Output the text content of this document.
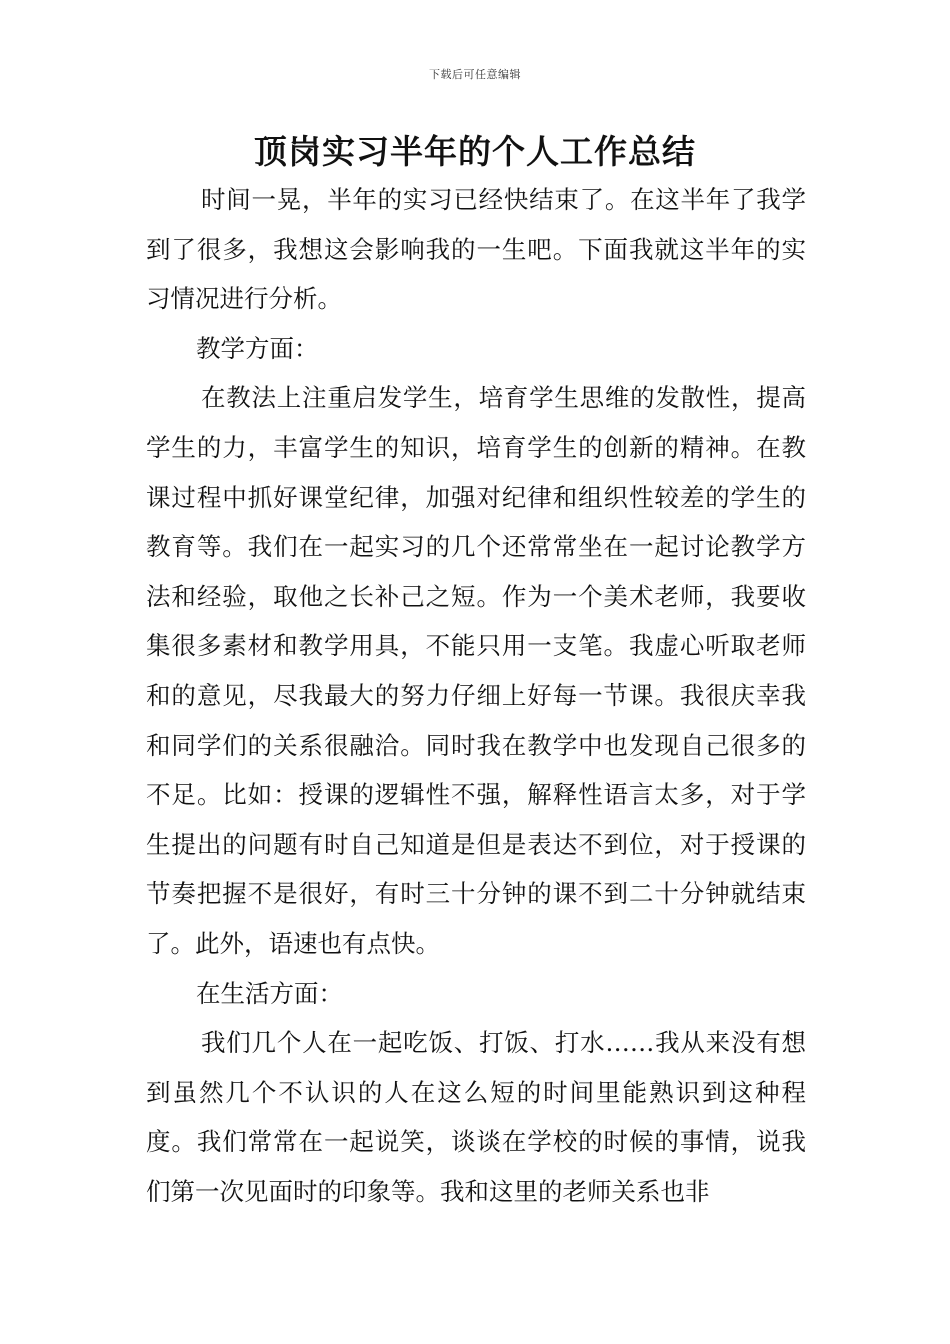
下载后可任意编辑
顶岗实习半年的个人工作总结

时间一晃，半年的实习已经快结束了。在这半年了我学到了很多，我想这会影响我的一生吧。下面我就这半年的实习情况进行分析。

教学方面：

在教法上注重启发学生，培育学生思维的发散性，提高学生的力，丰富学生的知识，培育学生的创新的精神。在教课过程中抓好课堂纪律，加强对纪律和组织性较差的学生的教育等。我们在一起实习的几个还常常坐在一起讨论教学方法和经验，取他之长补己之短。作为一个美术老师，我要收集很多素材和教学用具，不能只用一支笔。我虚心听取老师和的意见，尽我最大的努力仔细上好每一节课。我很庆幸我和同学们的关系很融洽。同时我在教学中也发现自己很多的不足。比如：授课的逻辑性不强，解释性语言太多，对于学生提出的问题有时自己知道是但是表达不到位，对于授课的节奏把握不是很好，有时三十分钟的课不到二十分钟就结束了。此外，语速也有点快。

在生活方面：

我们几个人在一起吃饭、打饭、打水……我从来没有想到虽然几个不认识的人在这么短的时间里能熟识到这种程度。我们常常在一起说笑，谈谈在学校的时候的事情，说我们第一次见面时的印象等。我和这里的老师关系也非
